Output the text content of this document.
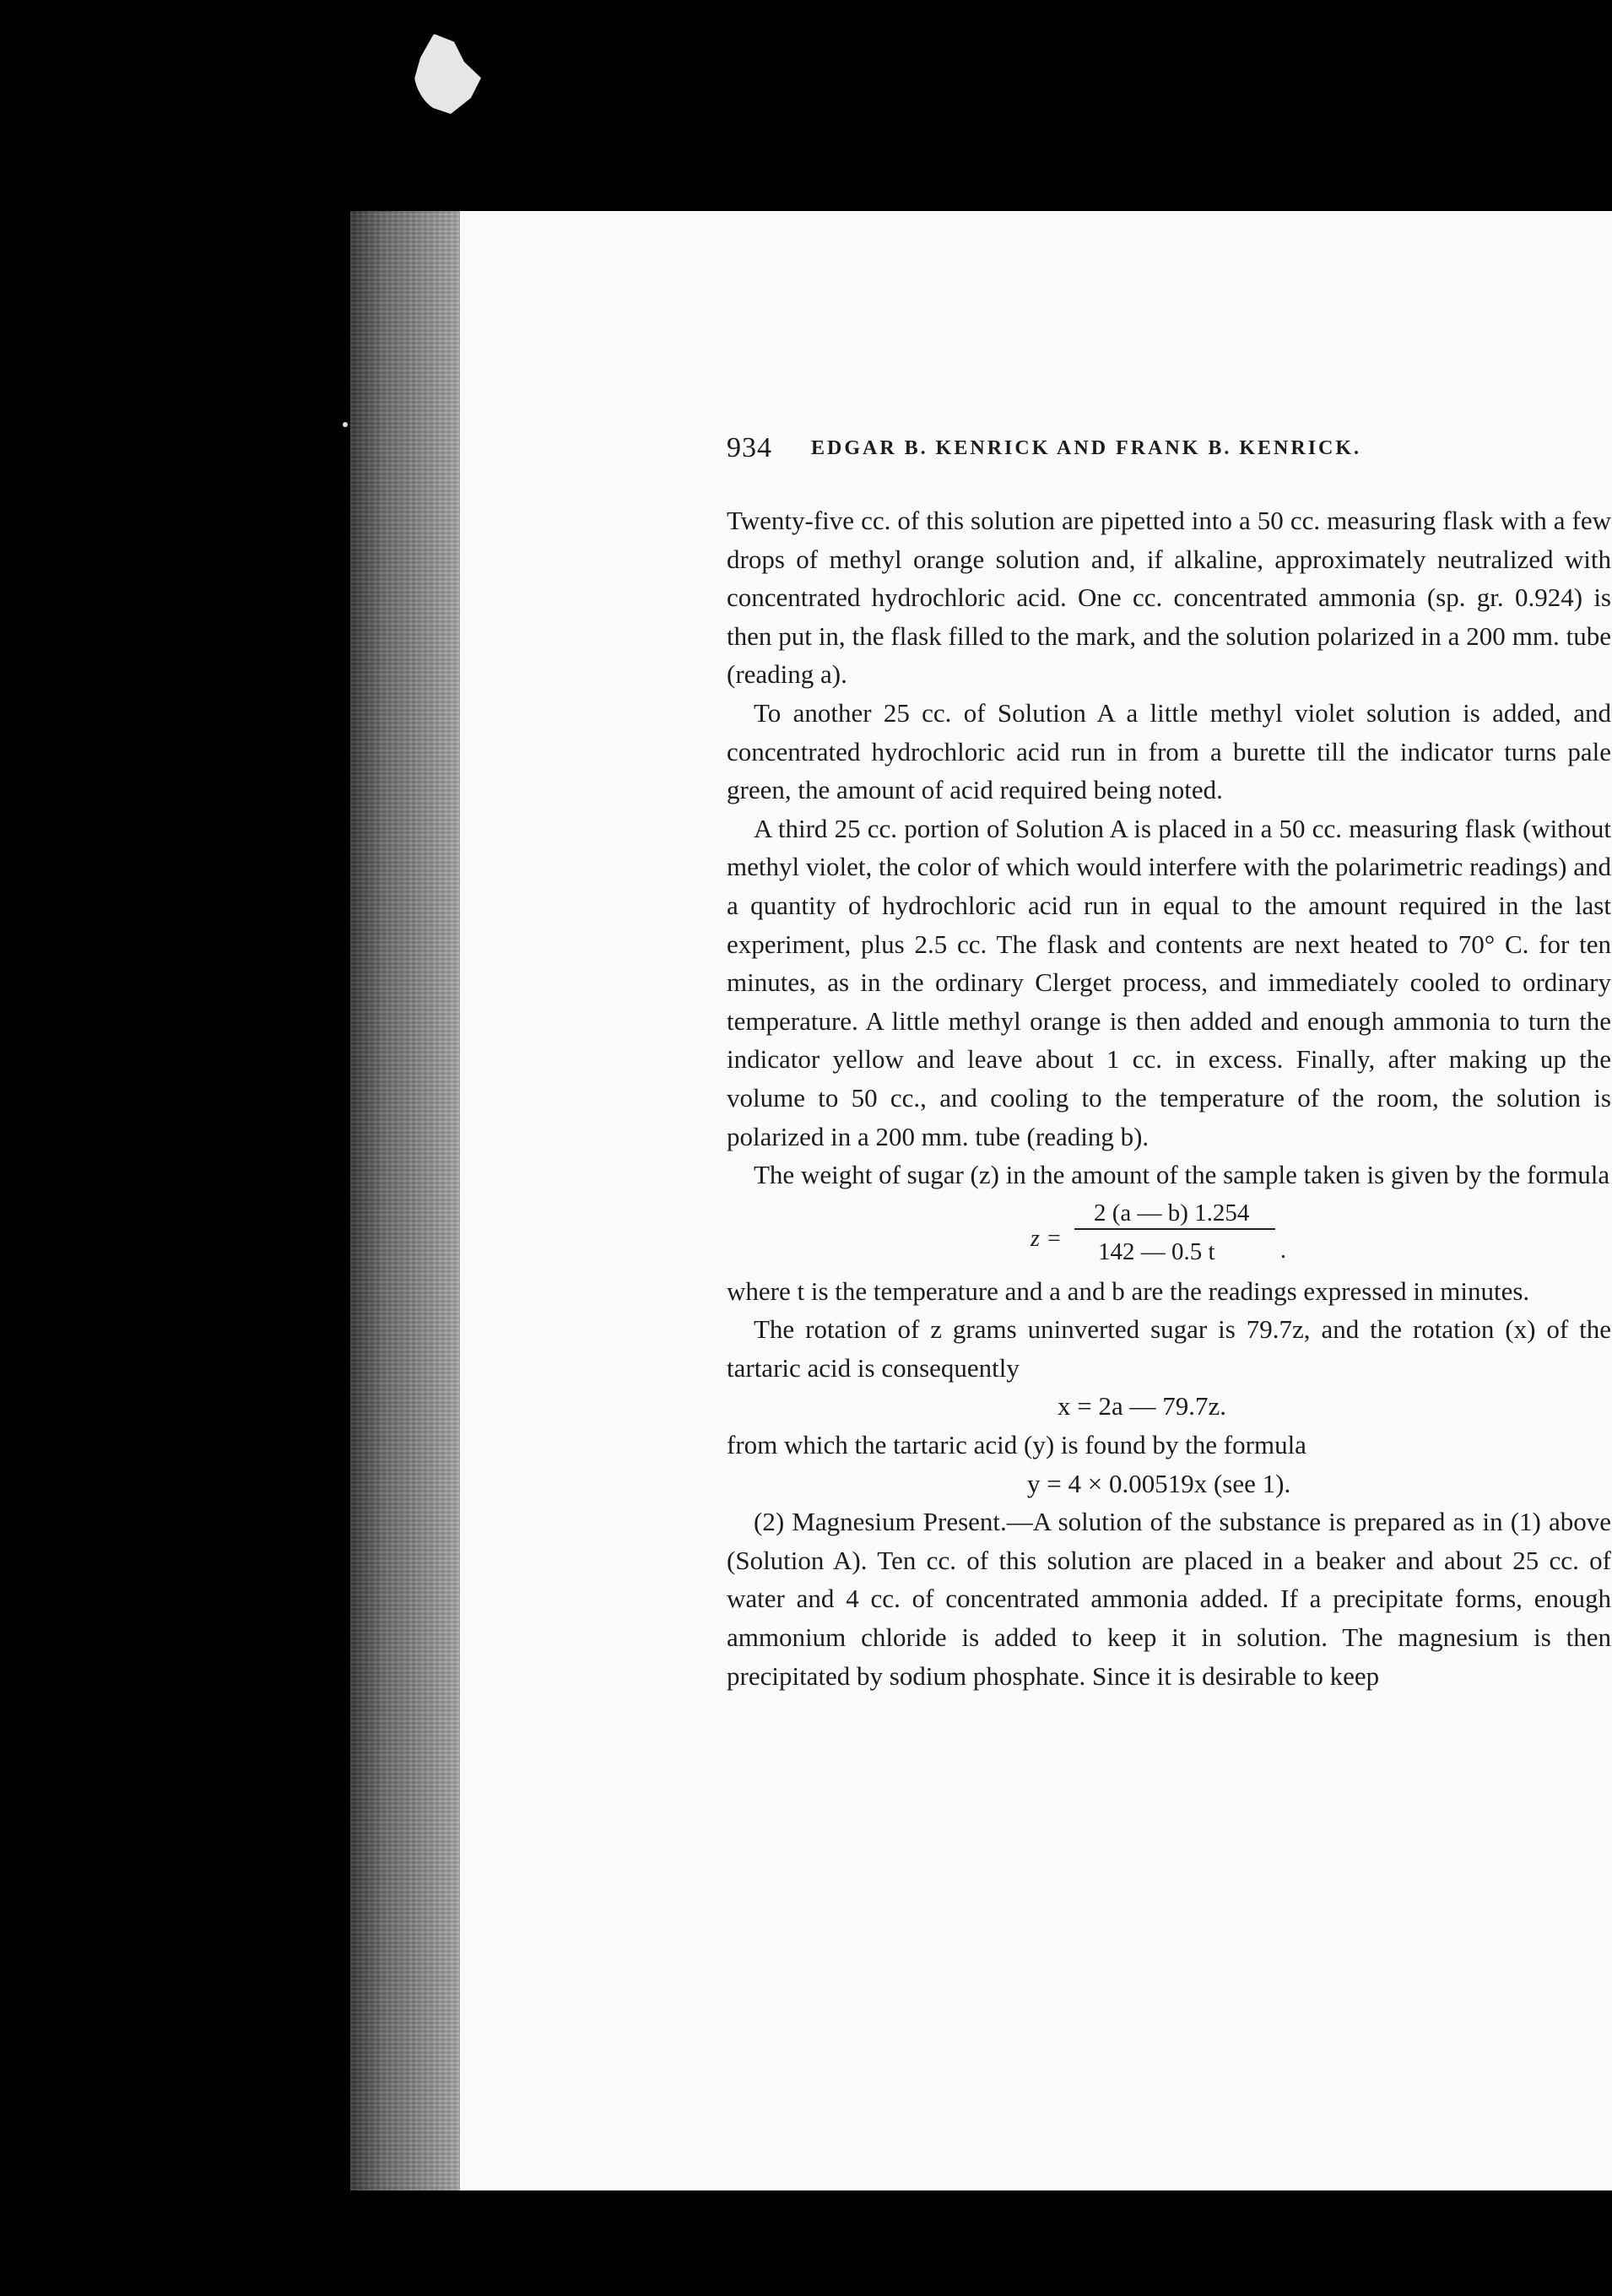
934 EDGAR B. KENRICK AND FRANK B. KENRICK.

Twenty-five cc. of this solution are pipetted into a 50 cc. measuring flask with a few drops of methyl orange solution and, if alkaline, approximately neutralized with concentrated hydrochloric acid. One cc. concentrated ammonia (sp. gr. 0.924) is then put in, the flask filled to the mark, and the solution polarized in a 200 mm. tube (reading a).

To another 25 cc. of Solution A a little methyl violet solution is added, and concentrated hydrochloric acid run in from a burette till the indicator turns pale green, the amount of acid required being noted.

A third 25 cc. portion of Solution A is placed in a 50 cc. measuring flask (without methyl violet, the color of which would interfere with the polarimetric readings) and a quantity of hydrochloric acid run in equal to the amount required in the last experiment, plus 2.5 cc. The flask and contents are next heated to 70° C. for ten minutes, as in the ordinary Clerget process, and immediately cooled to ordinary temperature. A little methyl orange is then added and enough ammonia to turn the indicator yellow and leave about 1 cc. in excess. Finally, after making up the volume to 50 cc., and cooling to the temperature of the room, the solution is polarized in a 200 mm. tube (reading b).

The weight of sugar (z) in the amount of the sample taken is given by the formula

z =
2 (a — b) 1.254
142 — 0.5 t	.

where t is the temperature and a and b are the readings expressed in minutes.

The rotation of z grams uninverted sugar is 79.7z, and the rotation (x) of the tartaric acid is consequently

x = 2a — 79.7z.

from which the tartaric acid (y) is found by the formula

y = 4 × 0.00519x (see 1).

(2) Magnesium Present.—A solution of the substance is prepared as in (1) above (Solution A). Ten cc. of this solution are placed in a beaker and about 25 cc. of water and 4 cc. of concentrated ammonia added. If a precipitate forms, enough ammonium chloride is added to keep it in solution. The magnesium is then precipitated by sodium phosphate. Since it is desirable to keep
